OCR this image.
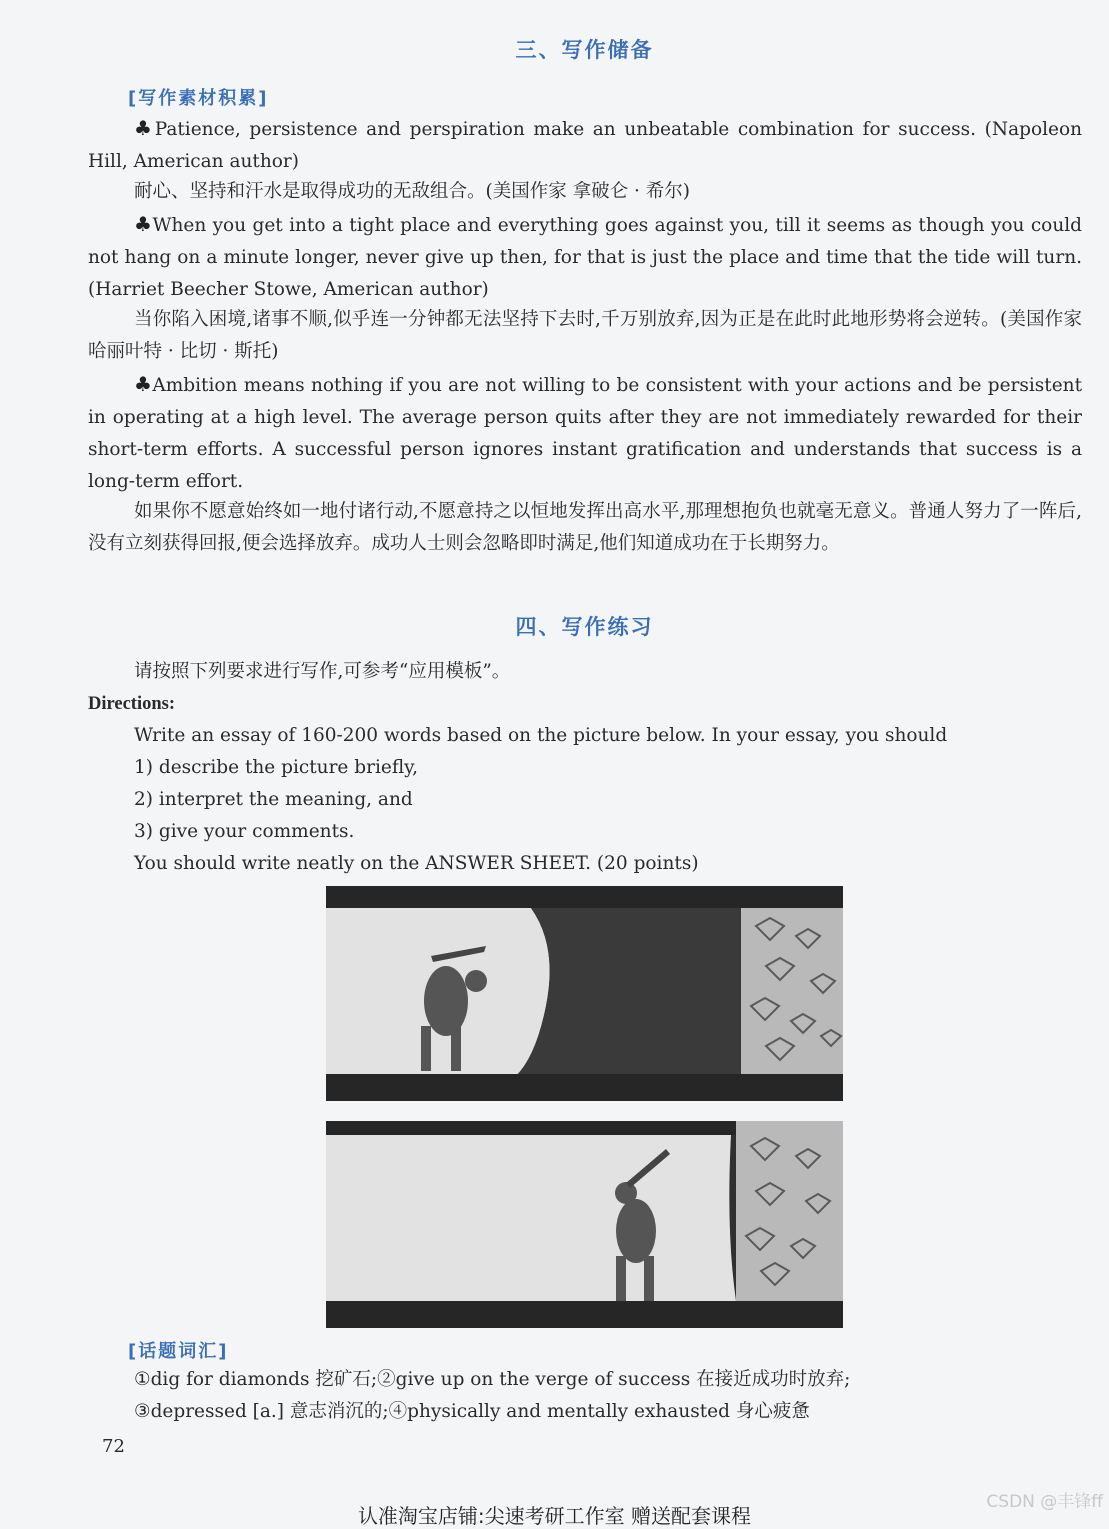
三、写作储备
[写作素材积累]

♣Patience, persistence and perspiration make an unbeatable combination for success. (Napoleon Hill, American author)

耐心、坚持和汗水是取得成功的无敌组合。(美国作家 拿破仑 · 希尔)

♣When you get into a tight place and everything goes against you, till it seems as though you could not hang on a minute longer, never give up then, for that is just the place and time that the tide will turn. (Harriet Beecher Stowe, American author)

当你陷入困境,诸事不顺,似乎连一分钟都无法坚持下去时,千万别放弃,因为正是在此时此地形势将会逆转。(美国作家 哈丽叶特 · 比切 · 斯托)

♣Ambition means nothing if you are not willing to be consistent with your actions and be persistent in operating at a high level. The average person quits after they are not immediately rewarded for their short-term efforts. A successful person ignores instant gratification and understands that success is a long-term effort.

如果你不愿意始终如一地付诸行动,不愿意持之以恒地发挥出高水平,那理想抱负也就毫无意义。普通人努力了一阵后,没有立刻获得回报,便会选择放弃。成功人士则会忽略即时满足,他们知道成功在于长期努力。

四、写作练习
请按照下列要求进行写作,可参考“应用模板”。
Directions:
Write an essay of 160-200 words based on the picture below. In your essay, you should
1) describe the picture briefly,
2) interpret the meaning, and
3) give your comments.
You should write neatly on the ANSWER SHEET. (20 points)
[话题词汇]
①dig for diamonds 挖矿石;②give up on the verge of success 在接近成功时放弃;
③depressed [a.] 意志消沉的;④physically and mentally exhausted 身心疲惫
72
认准淘宝店铺:尖速考研工作室 赠送配套课程
CSDN @丰锋ff
